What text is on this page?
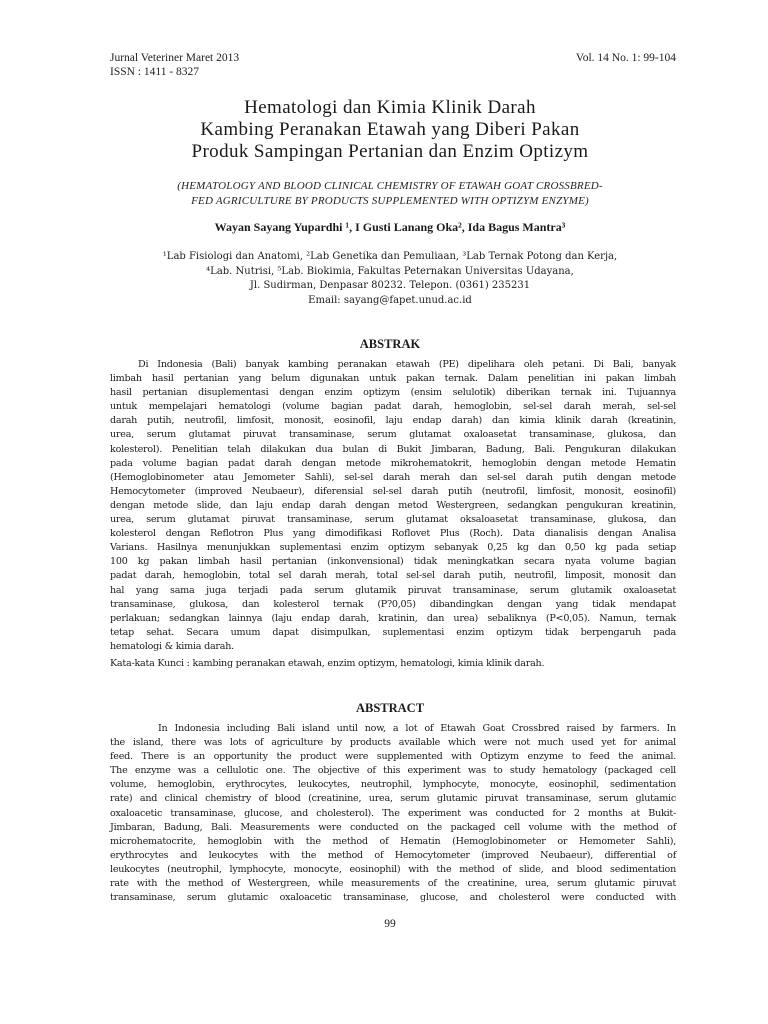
Jurnal Veteriner Maret 2013
ISSN : 1411 - 8327
Vol. 14 No. 1: 99-104
Hematologi dan Kimia Klinik Darah
Kambing Peranakan Etawah yang Diberi Pakan
Produk Sampingan Pertanian dan Enzim Optizym
(HEMATOLOGY AND BLOOD CLINICAL CHEMISTRY OF ETAWAH GOAT CROSSBRED-
FED AGRICULTURE BY PRODUCTS SUPPLEMENTED WITH OPTIZYM ENZYME)
Wayan Sayang Yupardhi ¹, I Gusti Lanang Oka², Ida Bagus Mantra³
¹Lab Fisiologi dan Anatomi, ²Lab Genetika dan Pemuliaan, ³Lab Ternak Potong dan Kerja,
⁴Lab. Nutrisi, ⁵Lab. Biokimia, Fakultas Peternakan Universitas Udayana,
Jl. Sudirman, Denpasar 80232. Telepon. (0361) 235231
Email: sayang@fapet.unud.ac.id
ABSTRAK
Di Indonesia (Bali) banyak kambing peranakan etawah (PE) dipelihara oleh petani. Di Bali, banyak
limbah hasil pertanian yang belum digunakan untuk pakan ternak. Dalam penelitian ini pakan limbah
hasil pertanian disuplementasi dengan enzim optizym (ensim selulotik) diberikan ternak ini. Tujuannya
untuk mempelajari hematologi (volume bagian padat darah, hemoglobin, sel-sel darah merah, sel-sel
darah putih, neutrofil, limfosit, monosit, eosinofil, laju endap darah) dan kimia klinik darah (kreatinin,
urea, serum glutamat piruvat transaminase, serum glutamat oxaloasetat transaminase, glukosa, dan
kolesterol). Penelitian telah dilakukan dua bulan di Bukit Jimbaran, Badung, Bali. Pengukuran dilakukan
pada volume bagian padat darah dengan metode mikrohematokrit, hemoglobin dengan metode Hematin
(Hemoglobinometer atau Jemometer Sahli), sel-sel darah merah dan sel-sel darah putih dengan metode
Hemocytometer (improved Neubaeur), diferensial sel-sel darah putih (neutrofil, limfosit, monosit, eosinofil)
dengan metode slide, dan laju endap darah dengan metod Westergreen, sedangkan pengukuran kreatinin,
urea, serum glutamat piruvat transaminase, serum glutamat oksaloasetat transaminase, glukosa, dan
kolesterol dengan Reflotron Plus yang dimodifikasi Roflovet Plus (Roch). Data dianalisis dengan Analisa
Varians. Hasilnya menunjukkan suplementasi enzim optizym sebanyak 0,25 kg dan 0,50 kg pada setiap
100 kg pakan limbah hasil pertanian (inkonvensional) tidak meningkatkan secara nyata volume bagian
padat darah, hemoglobin, total sel darah merah, total sel-sel darah putih, neutrofil, limposit, monosit dan
hal yang sama juga terjadi pada serum glutamik piruvat transaminase, serum glutamik oxaloasetat
transaminase, glukosa, dan kolesterol ternak (P?0,05) dibandingkan dengan yang tidak mendapat
perlakuan; sedangkan lainnya (laju endap darah, kratinin, dan urea) sebaliknya (P<0,05). Namun, ternak
tetap sehat. Secara umum dapat disimpulkan, suplementasi enzim optizym tidak berpengaruh pada
hematologi & kimia darah.
Kata-kata Kunci : kambing peranakan etawah, enzim optizym, hematologi, kimia klinik darah.
ABSTRACT
In Indonesia including Bali island until now, a lot of Etawah Goat Crossbred raised by farmers. In
the island, there was lots of agriculture by products available which were not much used yet for animal
feed. There is an opportunity the product were supplemented with Optizym enzyme to feed the animal.
The enzyme was a cellulotic one. The objective of this experiment was to study hematology (packaged cell
volume, hemoglobin, erythrocytes, leukocytes, neutrophil, lymphocyte, monocyte, eosinophil, sedimentation
rate) and clinical chemistry of blood (creatinine, urea, serum glutamic piruvat transaminase, serum glutamic
oxaloacetic transaminase, glucose, and cholesterol). The experiment was conducted for 2 months at Bukit-
Jimbaran, Badung, Bali. Measurements were conducted on the packaged cell volume with the method of
microhematocrite, hemoglobin with the method of Hematin (Hemoglobinometer or Hemometer Sahli),
erythrocytes and leukocytes with the method of Hemocytometer (improved Neubaeur), differential of
leukocytes (neutrophil, lymphocyte, monocyte, eosinophil) with the method of slide, and blood sedimentation
rate with the method of Westergreen, while measurements of the creatinine, urea, serum glutamic piruvat
transaminase, serum glutamic oxaloacetic transaminase, glucose, and cholesterol were conducted with
99
